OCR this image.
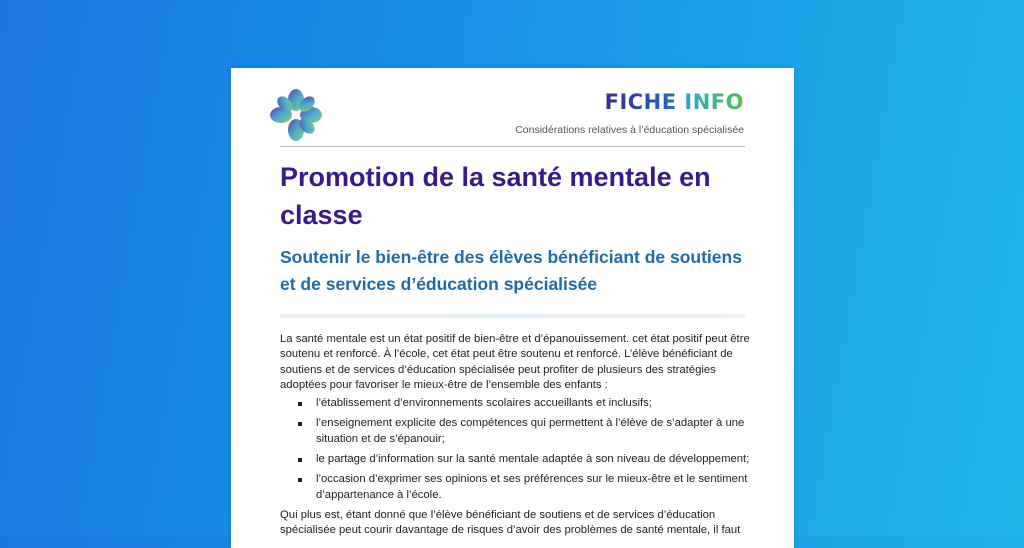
FICHE INFO
Considérations relatives à l’éducation spécialisée
Promotion de la santé mentale en classe
Soutenir le bien-être des élèves bénéficiant de soutiens et de services d’éducation spécialisée

La santé mentale est un état positif de bien-être et d’épanouissement. cet état positif peut être soutenu et renforcé. À l’école, cet état peut être soutenu et renforcé. L’élève bénéficiant de soutiens et de services d’éducation spécialisée peut profiter de plusieurs des stratégies adoptées pour favoriser le mieux-être de l’ensemble des enfants :

l’établissement d’environnements scolaires accueillants et inclusifs;
l’enseignement explicite des compétences qui permettent à l’élève de s’adapter à une situation et de s’épanouir;
le partage d’information sur la santé mentale adaptée à son niveau de développement;
l’occasion d’exprimer ses opinions et ses préférences sur le mieux-être et le sentiment d’appartenance à l’école.

Qui plus est, étant donné que l’élève bénéficiant de soutiens et de services d’éducation spécialisée peut courir davantage de risques d’avoir des problèmes de santé mentale, il faut
